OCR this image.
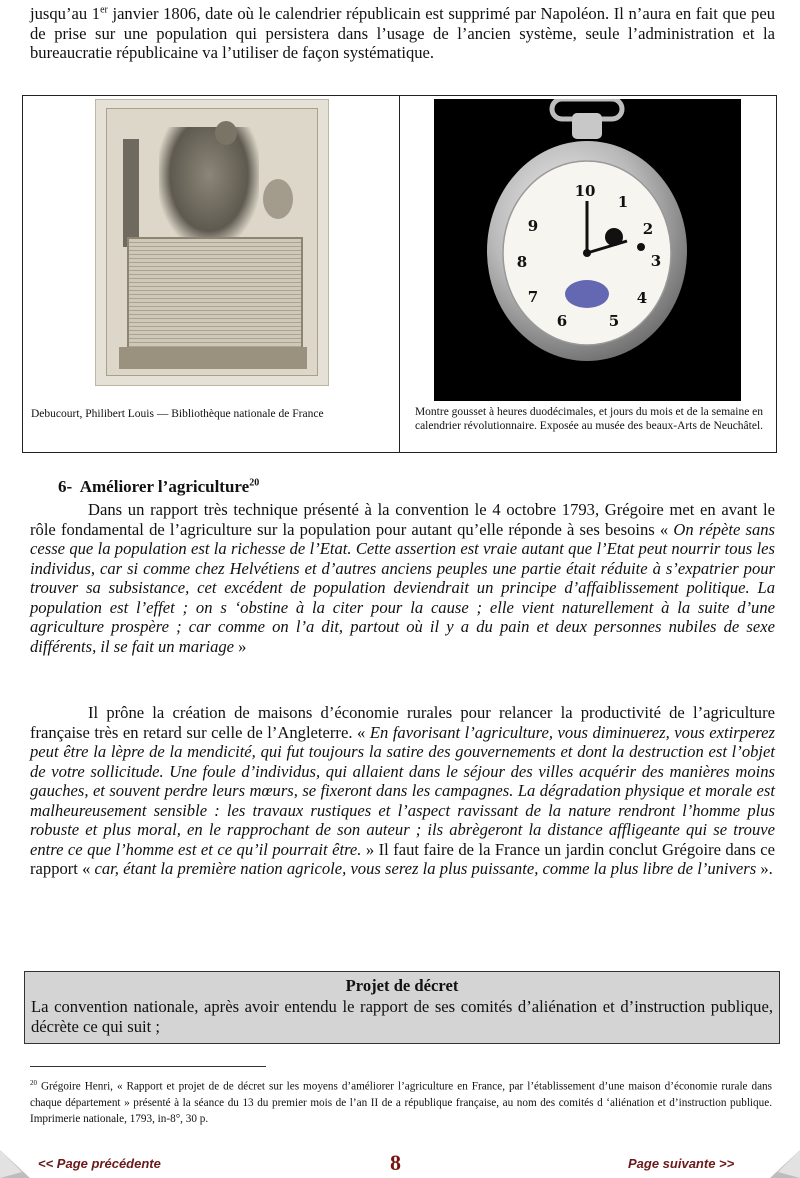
jusqu’au 1er janvier 1806, date où le calendrier républicain est supprimé par Napoléon. Il n’aura en fait que peu de prise sur une population qui persistera dans l’usage de l’ancien système, seule l’administration et la bureaucratie républicaine va l’utiliser de façon systématique.

10
1
2
3
4
5
6
7
8
9
Debucourt, Philibert Louis — Bibliothèque nationale de France	Montre gousset à heures duodécimales, et jours du mois et de la semaine en calendrier révolutionnaire. Exposée au musée des beaux-Arts de Neuchâtel.

6- Améliorer l’agriculture$^{20}$

Dans un rapport très technique présenté à la convention le 4 octobre 1793, Grégoire met en avant le rôle fondamental de l’agriculture sur la population pour autant qu’elle réponde à ses besoins « On répète sans cesse que la population est la richesse de l’Etat. Cette assertion est vraie autant que l’Etat peut nourrir tous les individus, car si comme chez Helvétiens et d’autres anciens peuples une partie était réduite à s’expatrier pour trouver sa subsistance, cet excédent de population deviendrait un principe d’affaiblissement politique. La population est l’effet ; on s ‘obstine à la citer pour la cause ; elle vient naturellement à la suite d’une agriculture prospère ; car comme on l’a dit, partout où il y a du pain et deux personnes nubiles de sexe différents, il se fait un mariage »

Il prône la création de maisons d’économie rurales pour relancer la productivité de l’agriculture française très en retard sur celle de l’Angleterre. « En favorisant l’agriculture, vous diminuerez, vous extirperez peut être la lèpre de la mendicité, qui fut toujours la satire des gouvernements et dont la destruction est l’objet de votre sollicitude. Une foule d’individus, qui allaient dans le séjour des villes acquérir des manières moins gauches, et souvent perdre leurs mœurs, se fixeront dans les campagnes. La dégradation physique et morale est malheureusement sensible : les travaux rustiques et l’aspect ravissant de la nature rendront l’homme plus robuste et plus moral, en le rapprochant de son auteur ; ils abrègeront la distance affligeante qui se trouve entre ce que l’homme est et ce qu’il pourrait être. » Il faut faire de la France un jardin conclut Grégoire dans ce rapport « car, étant la première nation agricole, vous serez la plus puissante, comme la plus libre de l’univers ».

Projet de décret
La convention nationale, après avoir entendu le rapport de ses comités d’aliénation et d’instruction publique, décrète ce qui suit ;
$^{20}$ Grégoire Henri, « Rapport et projet de de décret sur les moyens d’améliorer l’agriculture en France, par l’établissement d’une maison d’économie rurale dans chaque département » présenté à la séance du 13 du premier mois de l’an II de a république française, au nom des comités d ‘aliénation et d’instruction publique. Imprimerie nationale, 1793, in-8°, 30 p.
<< Page précédente	8	Page suivante >>
